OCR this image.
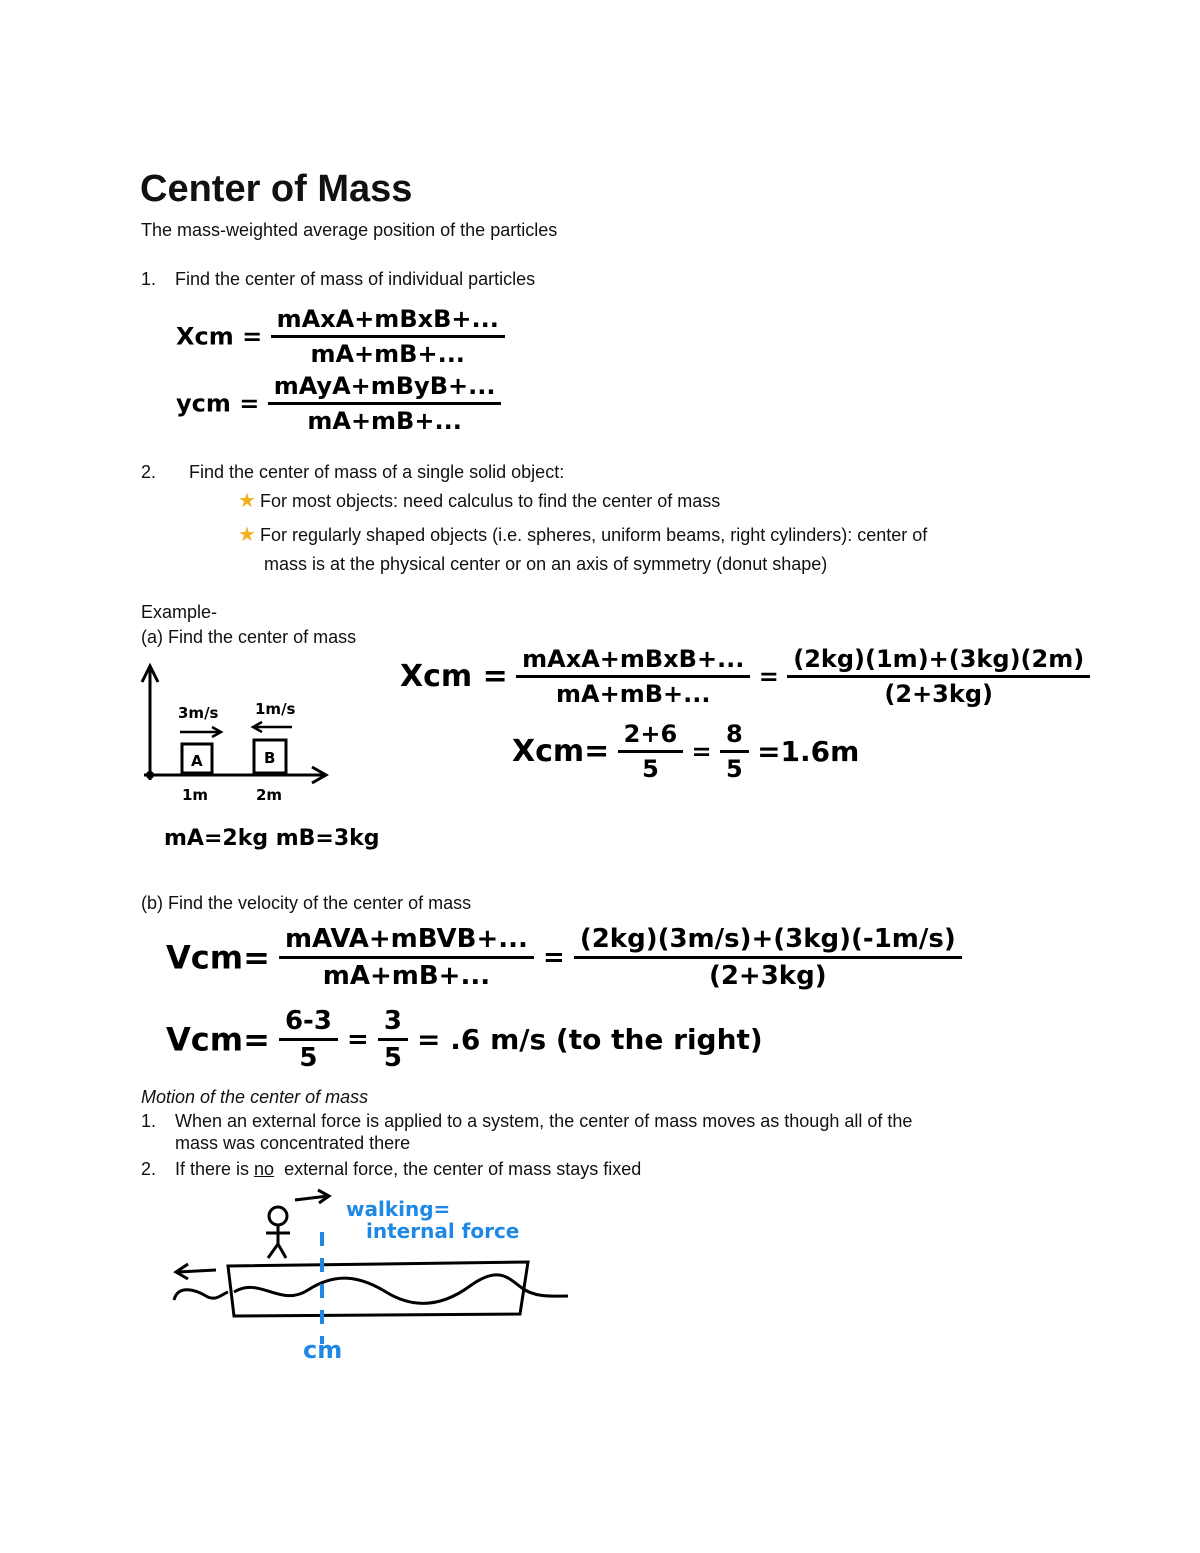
Center of Mass
The mass-weighted average position of the particles
1. Find the center of mass of individual particles
Xcm = $\frac{\text{mAxA+mBxB+...}}{mA+mB+...}$
ycm = $\frac{\text{mAyA+mByB+...}}{mA+mB+...}$
2. Find the center of mass of a single solid object:
★ For most objects: need calculus to find the center of mass
★ For regularly shaped objects (i.e. spheres, uniform beams, right cylinders): center of
mass is at the physical center or on an axis of symmetry (donut shape)
Example-
(a) Find the center of mass
3m/s 1m/s
A	B
1m	2m
mA=2kg mB=3kg
Xcm = $\frac{\text{mAxA+mBxB+...}}{mA+mB+...} = \frac{(2kg)(1m)+(3kg)(2m)}{(2+3kg)}$
$Xcm= \frac{2+6}{5} = \frac{8}{5} =1.6m$
(b) Find the velocity of the center of mass
$Vcm= \frac{\text{mAVA+mBVB+...}}{mA+mB+...} = \frac{(2kg)(3m/s)+(3kg)(-1m/s)}{(2+3kg)}$
$Vcm= \frac{6-3}{5} = \frac{3}{5} = .6$ m/s (to the right)
Motion of the center of mass
1. When an external force is applied to a system, the center of mass moves as though all of the
mass was concentrated there
2. If there is no  external force, the center of mass stays fixed
walking=
internal force
cm
